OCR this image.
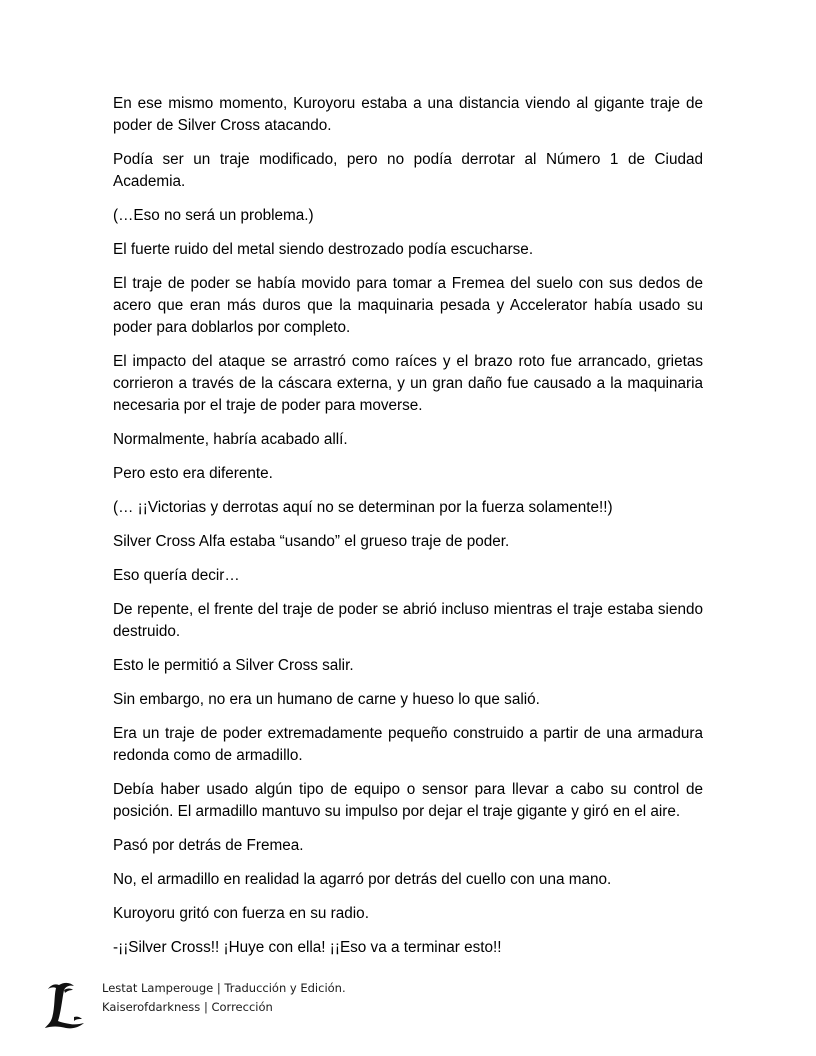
En ese mismo momento, Kuroyoru estaba a una distancia viendo al gigante traje de poder de Silver Cross atacando.

Podía ser un traje modificado, pero no podía derrotar al Número 1 de Ciudad Academia.

(…Eso no será un problema.)

El fuerte ruido del metal siendo destrozado podía escucharse.

El traje de poder se había movido para tomar a Fremea del suelo con sus dedos de acero que eran más duros que la maquinaria pesada y Accelerator había usado su poder para doblarlos por completo.

El impacto del ataque se arrastró como raíces y el brazo roto fue arrancado, grietas corrieron a través de la cáscara externa, y un gran daño fue causado a la maquinaria necesaria por el traje de poder para moverse.

Normalmente, habría acabado allí.

Pero esto era diferente.

(… ¡¡Victorias y derrotas aquí no se determinan por la fuerza solamente!!)

Silver Cross Alfa estaba “usando” el grueso traje de poder.

Eso quería decir…

De repente, el frente del traje de poder se abrió incluso mientras el traje estaba siendo destruido.

Esto le permitió a Silver Cross salir.

Sin embargo, no era un humano de carne y hueso lo que salió.

Era un traje de poder extremadamente pequeño construido a partir de una armadura redonda como de armadillo.

Debía haber usado algún tipo de equipo o sensor para llevar a cabo su control de posición. El armadillo mantuvo su impulso por dejar el traje gigante y giró en el aire.

Pasó por detrás de Fremea.

No, el armadillo en realidad la agarró por detrás del cuello con una mano.

Kuroyoru gritó con fuerza en su radio.

-¡¡Silver Cross!! ¡Huye con ella! ¡¡Eso va a terminar esto!!

Lestat Lamperouge | Traducción y Edición.
Kaiserofdarkness | Corrección
